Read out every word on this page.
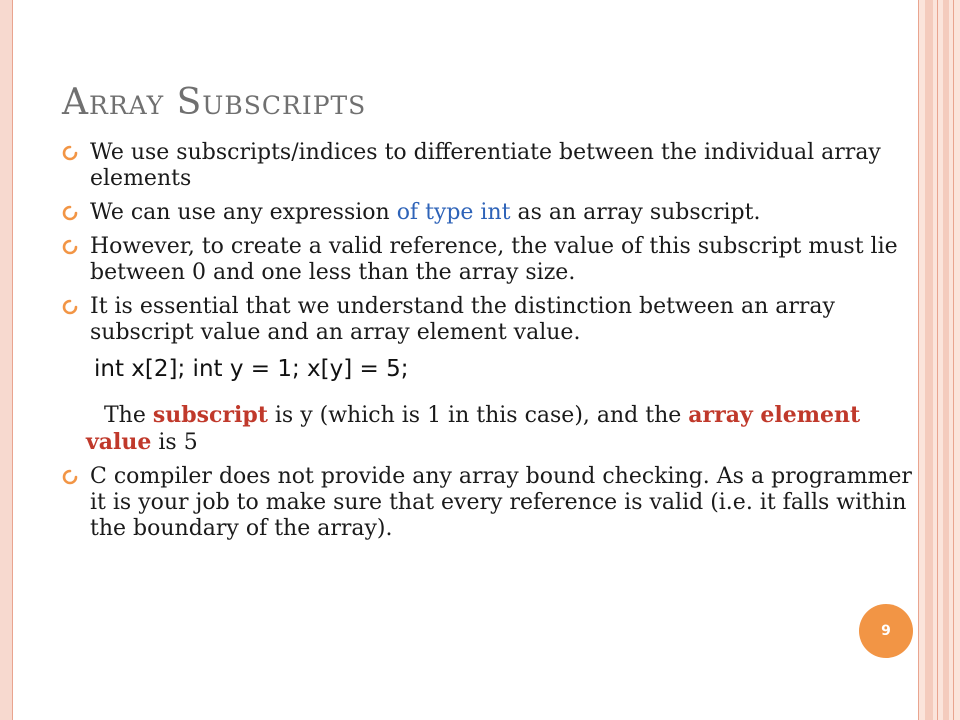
Array Subscripts
We use subscripts/indices to differentiate between the individual array elements
We can use any expression of type int as an array subscript.
However, to create a valid reference, the value of this subscript must lie between 0 and one less than the array size.
It is essential that we understand the distinction between an array subscript value and an array element value.
int x[2]; int y = 1; x[y] = 5;
The subscript is y (which is 1 in this case), and the array element value is 5
C compiler does not provide any array bound checking. As a programmer it is your job to make sure that every reference is valid (i.e. it falls within the boundary of the array).
9
